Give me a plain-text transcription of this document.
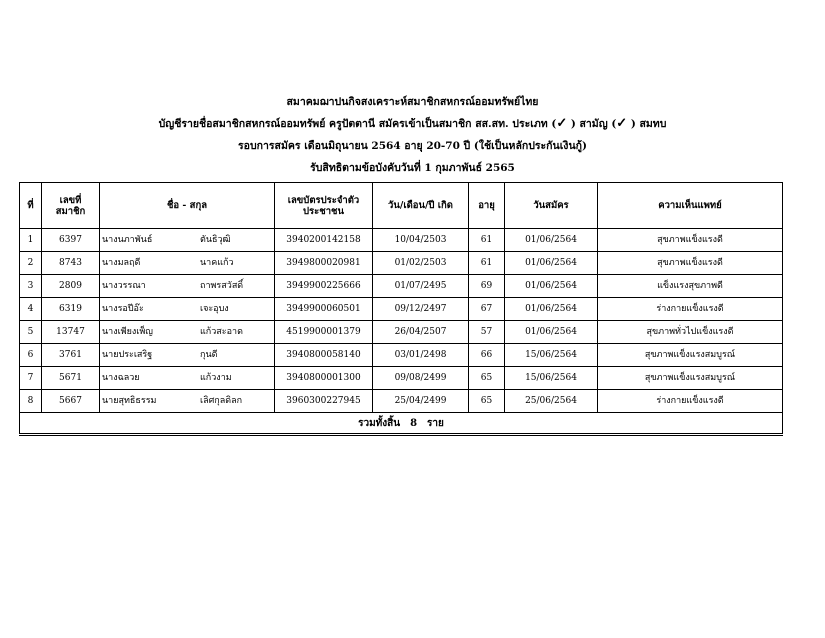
สมาคมฌาปนกิจสงเคราะห์สมาชิกสหกรณ์ออมทรัพย์ไทย
บัญชีรายชื่อสมาชิกสหกรณ์ออมทรัพย์ ครูปัตตานี สมัครเข้าเป็นสมาชิก สส.สท. ประเภท (✓ ) สามัญ (✓ ) สมทบ
รอบการสมัคร เดือนมิถุนายน 2564 อายุ 20-70 ปี (ใช้เป็นหลักประกันเงินกู้)
รับสิทธิตามข้อบังคับวันที่ 1 กุมภาพันธ์ 2565
ที่	เลขที่สมาชิก	ชื่อ - สกุล	เลขบัตรประจำตัวประชาชน	วัน/เดือน/ปี เกิด	อายุ	วันสมัคร	ความเห็นแพทย์
1	6397	นางนภาพันธ์ ตันธิวุฒิ	3940200142158	10/04/2503	61	01/06/2564	สุขภาพแข็งแรงดี
2	8743	นางมลฤดี นาคแก้ว	3949800020981	01/02/2503	61	01/06/2564	สุขภาพแข็งแรงดี
3	2809	นางวรรณา ถาพรสวัสดิ์	3949900225666	01/07/2495	69	01/06/2564	แข็งแรงสุขภาพดี
4	6319	นางรอปีอ๊ะ เจะอุบง	3949900060501	09/12/2497	67	01/06/2564	ร่างกายแข็งแรงดี
5	13747	นางเพียงเพ็ญ แก้วสะอาด	4519900001379	26/04/2507	57	01/06/2564	สุขภาพทั่วไปแข็งแรงดี
6	3761	นายประเสริฐ กุนดี	3940800058140	03/01/2498	66	15/06/2564	สุขภาพแข็งแรงสมบูรณ์
7	5671	นางฉลวย แก้วงาม	3940800001300	09/08/2499	65	15/06/2564	สุขภาพแข็งแรงสมบูรณ์
8	5667	นายสุทธิธรรม เลิศกุลดิลก	3960300227945	25/04/2499	65	25/06/2564	ร่างกายแข็งแรงดี
รวมทั้งสิ้น 8 ราย							
